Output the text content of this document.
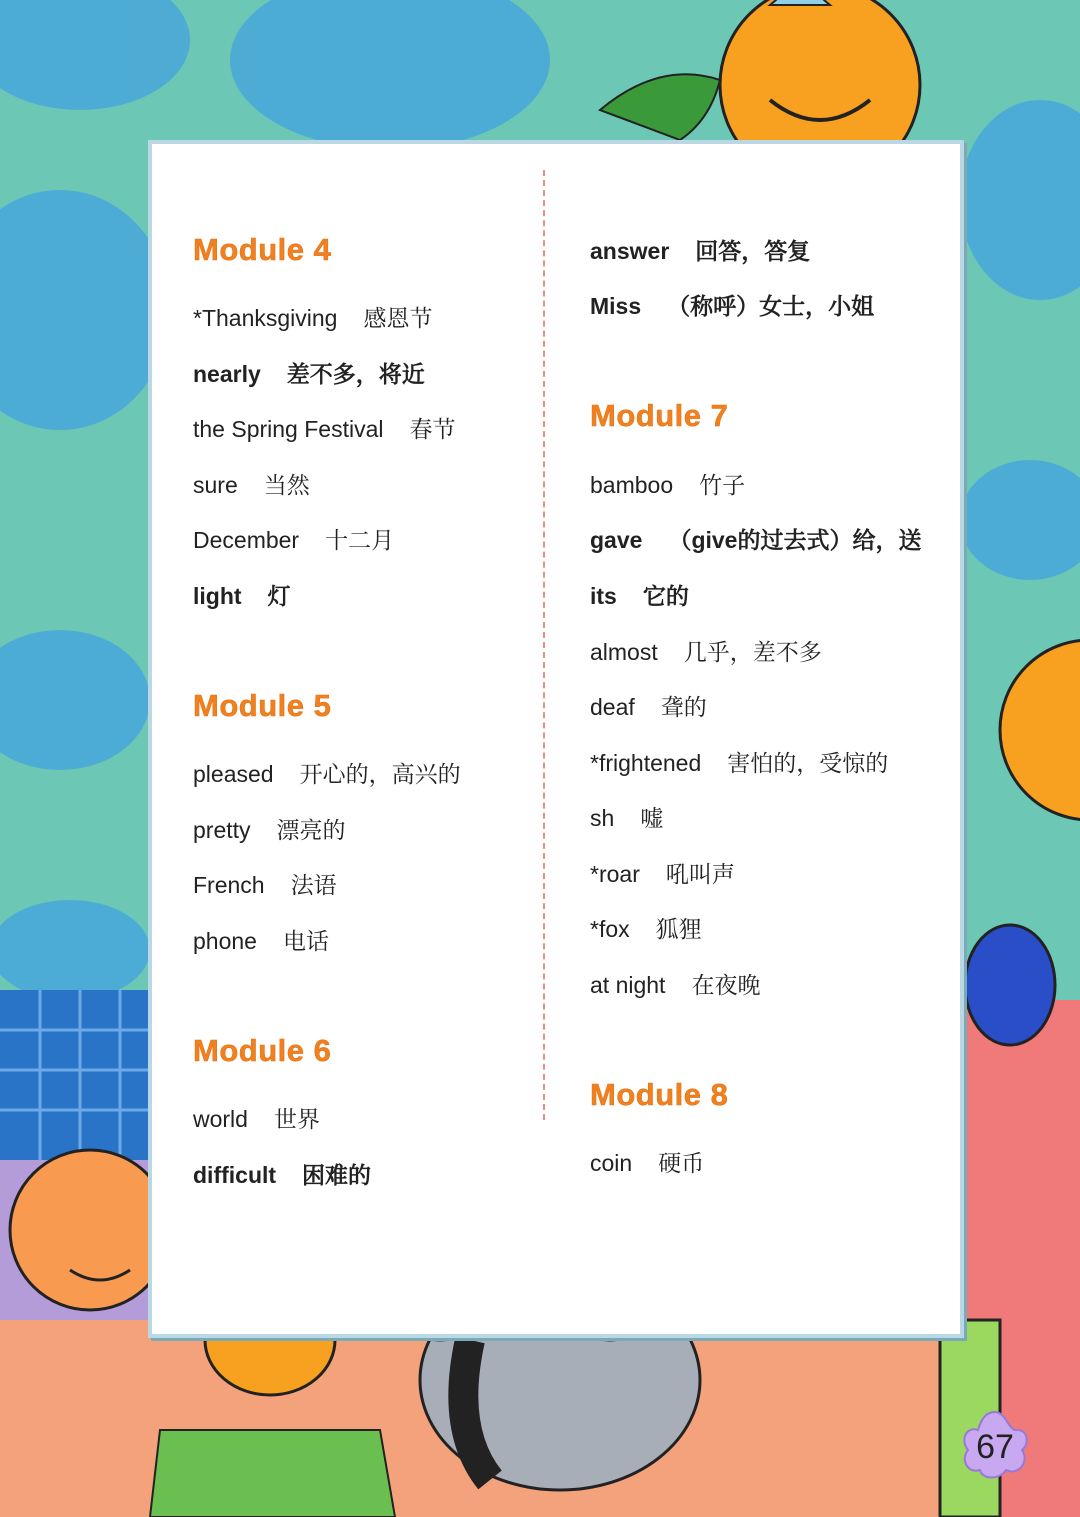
Module 4
*Thanksgiving 感恩节
nearly 差不多，将近
the Spring Festival 春节
sure 当然
December 十二月
light 灯
Module 5
pleased 开心的，高兴的
pretty 漂亮的
French 法语
phone 电话
Module 6
world 世界
difficult 困难的
answer 回答，答复
Miss （称呼）女士，小姐
Module 7
bamboo 竹子
gave （give的过去式）给，送
its 它的
almost 几乎，差不多
deaf 聋的
*frightened 害怕的，受惊的
sh 嘘
*roar 吼叫声
*fox 狐狸
at night 在夜晚
Module 8
coin 硬币
67
